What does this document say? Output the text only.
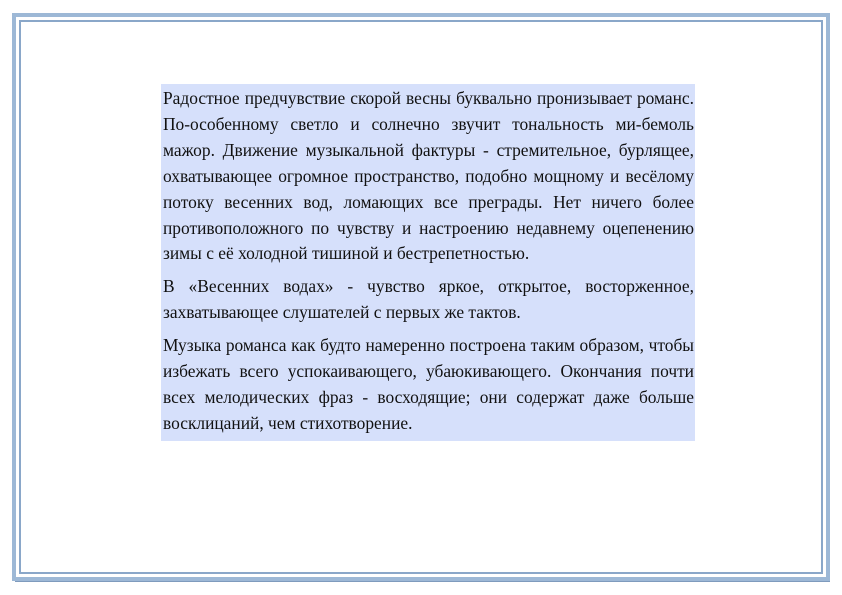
Радостное предчувствие скорой весны буквально пронизывает романс. По-особенному светло и солнечно звучит тональность ми-бемоль мажор. Движение музыкальной фактуры - стремительное, бурлящее, охватывающее огромное пространство, подобно мощному и весёлому потоку весенних вод, ломающих все преграды. Нет ничего более противоположного по чувству и настроению недавнему оцепенению зимы с её холодной тишиной и бестрепетностью.

В «Весенних водах» - чувство яркое, открытое, восторженное, захватывающее слушателей с первых же тактов.

Музыка романса как будто намеренно построена таким образом, чтобы избежать всего успокаивающего, убаюкивающего. Окончания почти всех мелодических фраз - восходящие; они содержат даже больше восклицаний, чем стихотворение.
